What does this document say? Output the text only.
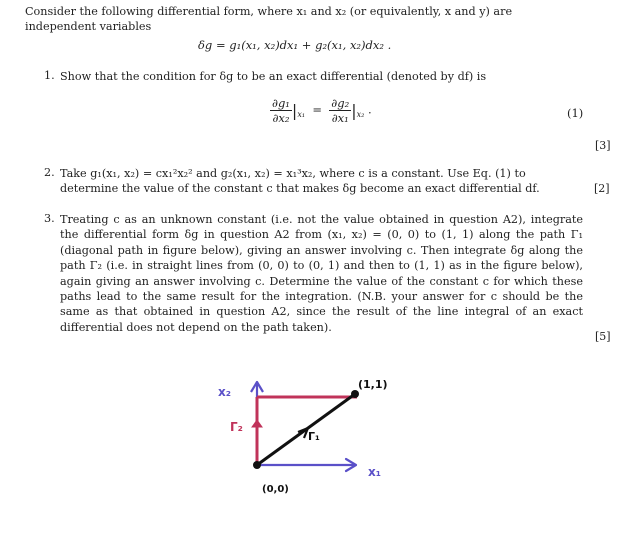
Consider the following differential form, where x₁ and x₂ (or equivalently, x and y) are independent variables
δg = g₁(x₁, x₂)dx₁ + g₂(x₁, x₂)dx₂ .
1. Show that the condition for δg to be an exact differential (denoted by df) is
$\frac{\text{∂g₁}}{\text{∂x₂}} |_{x_1} = \frac{\text{∂g₂}}{\text{∂x₁}} |_{x_2}$ .	(1)
[3]
2. Take g₁(x₁, x₂) = cx₁²x₂² and g₂(x₁, x₂) = x₁³x₂, where c is a constant. Use Eq. (1) to determine the value of the constant c that makes δg become an exact differential df.	[2]
3. Treating c as an unknown constant (i.e. not the value obtained in question A2), integrate the differential form δg in question A2 from (x₁, x₂) = (0, 0) to (1, 1) along the path Γ₁ (diagonal path in figure below), giving an answer involving c. Then integrate δg along the path Γ₂ (i.e. in straight lines from (0, 0) to (0, 1) and then to (1, 1) as in the figure below), again giving an answer involving c. Determine the value of the constant c for which these paths lead to the same result for the integration. (N.B. your answer for c should be the same as that obtained in question A2, since the result of the line integral of an exact differential does not depend on the path taken).
[5]
x₂
Γ₂
Γ₁
(1,1)
(0,0)
x₁
